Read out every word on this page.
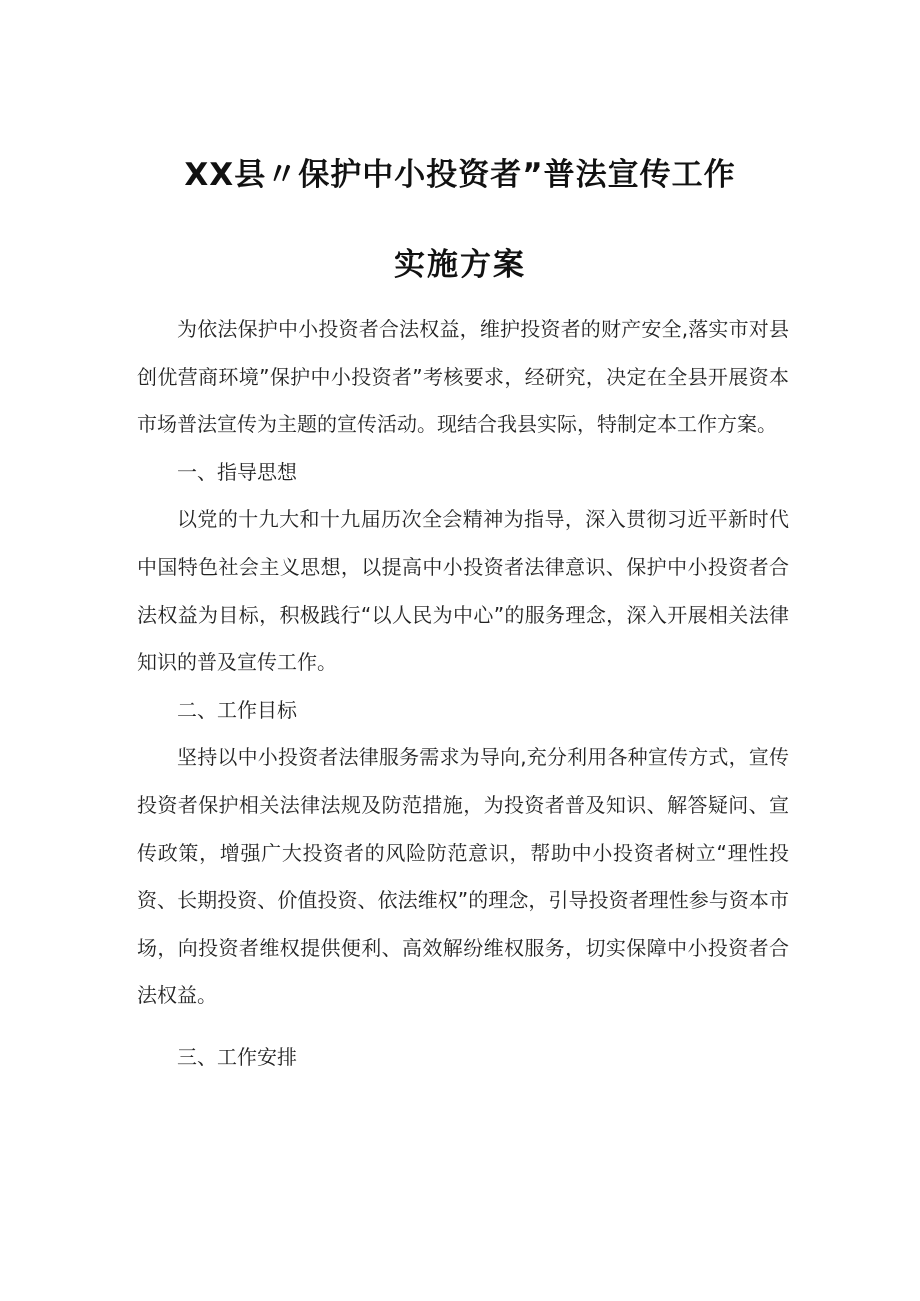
XX县〃保护中小投资者”普法宣传工作
实施方案

为依法保护中小投资者合法权益，维护投资者的财产安全,落实市对县创优营商环境”保护中小投资者”考核要求，经研究，决定在全县开展资本市场普法宣传为主题的宣传活动。现结合我县实际，特制定本工作方案。

一、指导思想

以党的十九大和十九届历次全会精神为指导，深入贯彻习近平新时代中国特色社会主义思想，以提高中小投资者法律意识、保护中小投资者合法权益为目标，积极践行“以人民为中心”的服务理念，深入开展相关法律知识的普及宣传工作。

二、工作目标

坚持以中小投资者法律服务需求为导向,充分利用各种宣传方式，宣传投资者保护相关法律法规及防范措施，为投资者普及知识、解答疑问、宣传政策，增强广大投资者的风险防范意识，帮助中小投资者树立“理性投资、长期投资、价值投资、依法维权”的理念，引导投资者理性参与资本市场，向投资者维权提供便利、高效解纷维权服务，切实保障中小投资者合法权益。

三、工作安排
